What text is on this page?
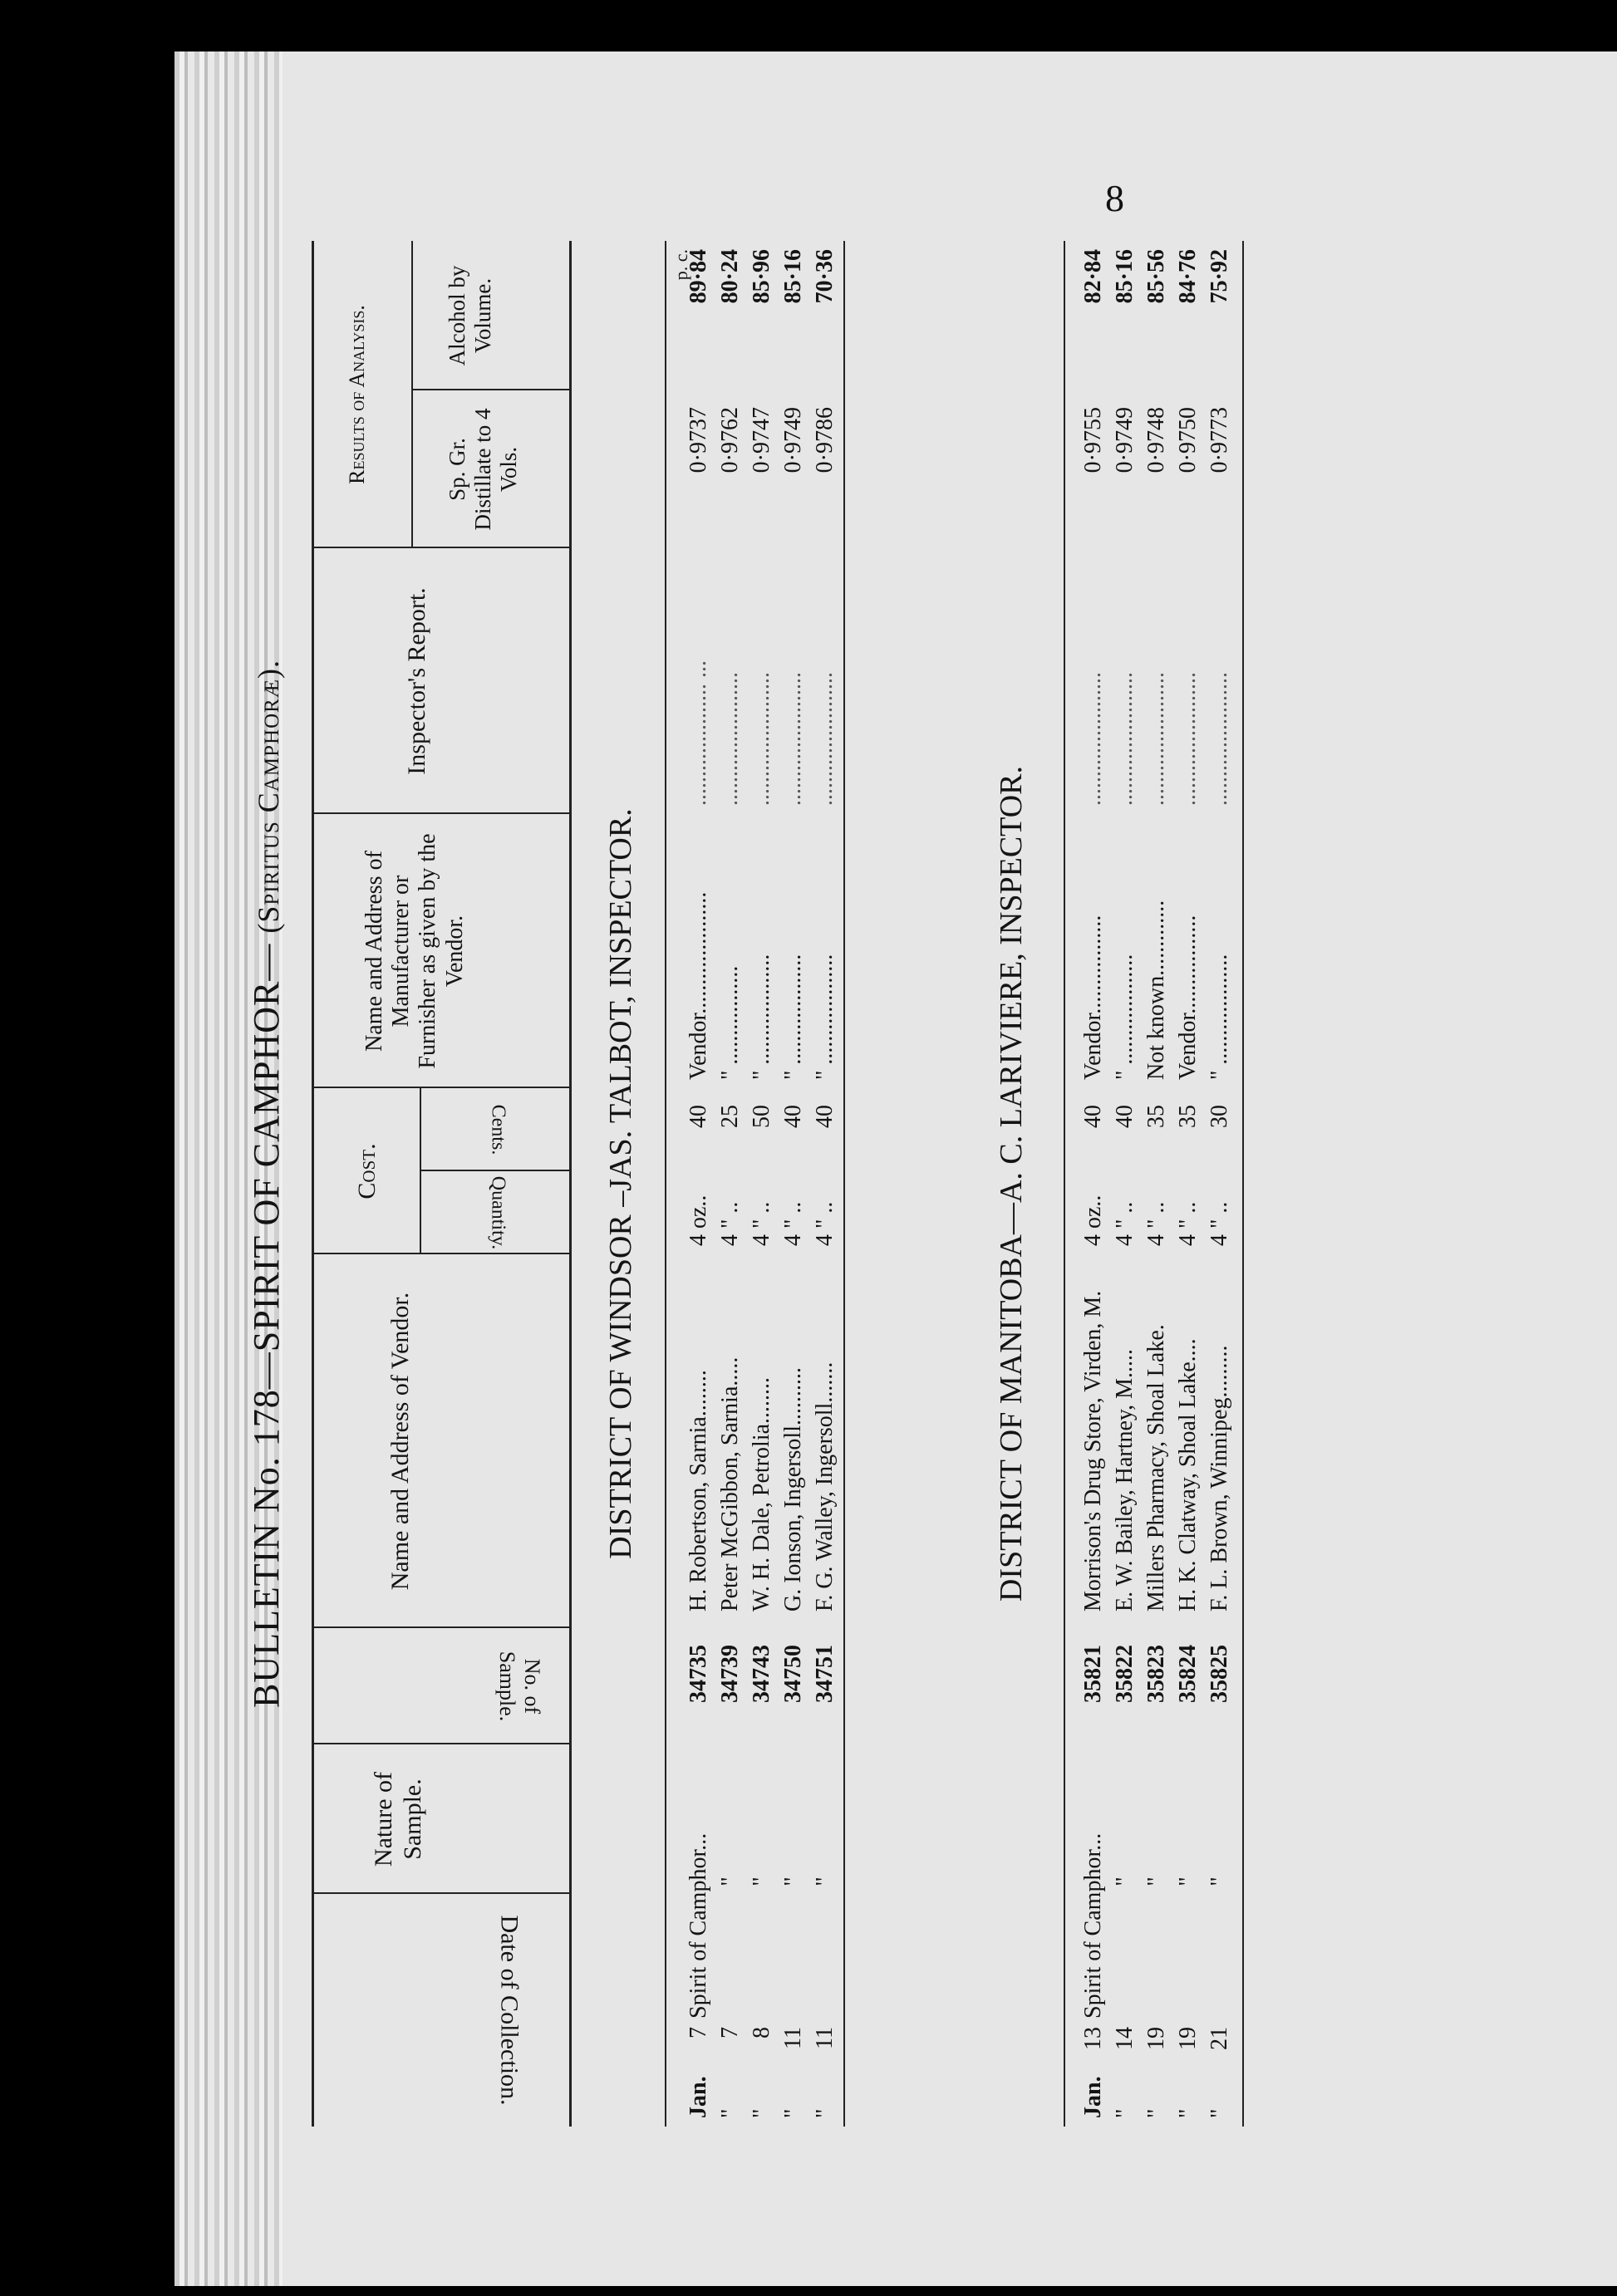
8
BULLETIN No. 178—SPIRIT OF CAMPHOR— (Spiritus Camphoræ).
Date of Collection.
Nature of Sample.
No. of Sample.
Name and Address of Vendor.
Cost.
Quantity.
Cents.
Name and Address of Manufacturer or Furnisher as given by the Vendor.
Inspector's Report.
Results of Analysis.	Sp. Gr. Distillate to 4 Vols.
Alcohol by Volume.
DISTRICT OF WINDSOR –JAS. TALBOT, INSPECTOR.
p. c.
Jan.
7
Spirit of Camphor...
34735
H. Robertson, Sarnia........
4 oz..
40
Vendor.....................
..................... ...
0·9737
89·84
"
7
"
34739
Peter McGibbon, Sarnia.....
4 " ..
25
" .................
.......................
0·9762
80·24
"
8
"
34743
W. H. Dale, Petrolia........
4 " ..
50
" ...................
.......................
0·9747
85·96
"
11
"
34750
G. Ionson, Ingersoll..........
4 " ..
40
" ...................
.......................
0·9749
85·16
"
11
"
34751
F. G. Walley, Ingersoll.......
4 " ..
40
" ...................
.......................
0·9786
70·36
DISTRICT OF MANITOBA—A. C. LARIVIERE, INSPECTOR.
Jan.
13
Spirit of Camphor...
35821
Morrison's Drug Store, Virden, M.
4 oz..
40
Vendor.................
.......................
0·9755
82·84
"
14
"
35822
E. W. Bailey, Hartney, M.....
4 " ..
40
" ...................
.......................
0·9749
85·16
"
19
"
35823
Millers Pharmacy, Shoal Lake.
4 " ..
35
Not known.............
.......................
0·9748
85·56
"
19
"
35824
H. K. Clatway, Shoal Lake....
4 " ..
35
Vendor.................
.......................
0·9750
84·76
"
21
"
35825
F. L. Brown, Winnipeg.........
4 " ..
30
" ...................
.......................
0·9773
75·92
